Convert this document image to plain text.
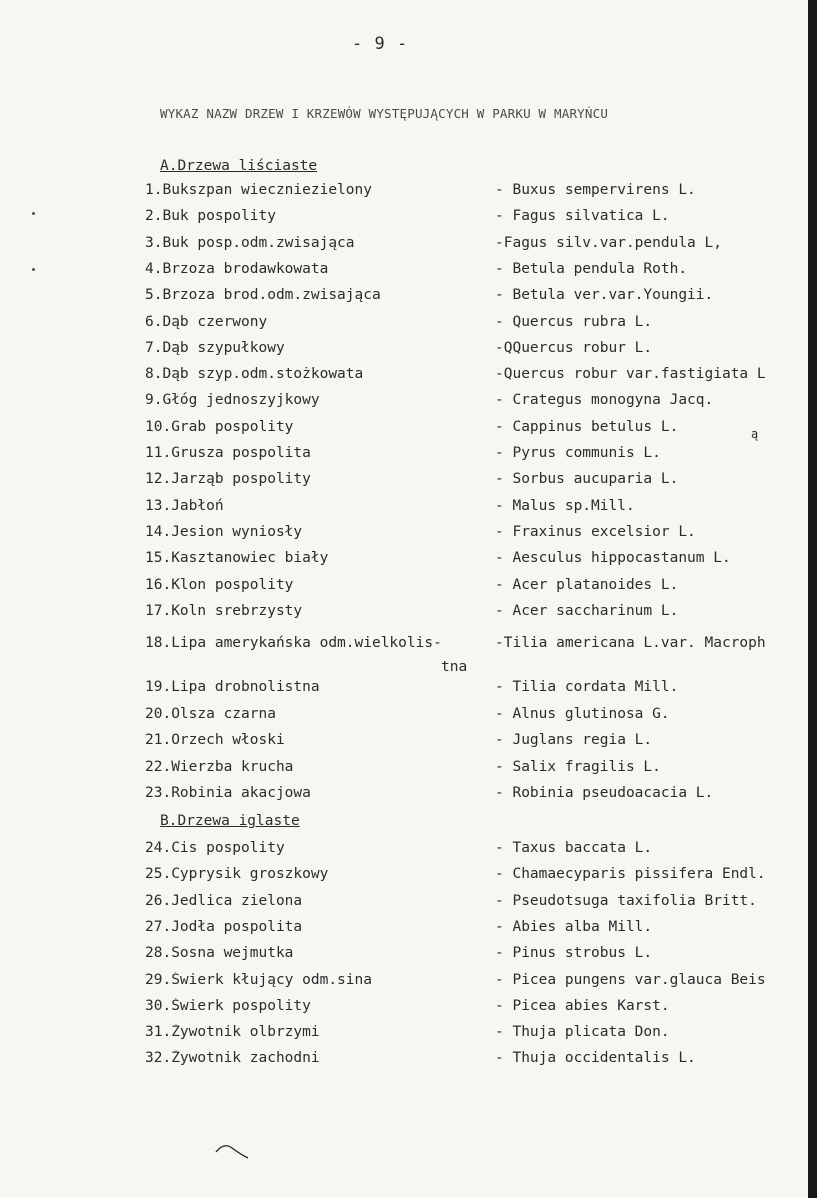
- 9 -
WYKAZ NAZW DRZEW I KRZEWÓW WYSTĘPUJĄCYCH W PARKU W MARYŃCU
A.Drzewa liściaste
1.Bukszpan wieczniezielony	- Buxus sempervirens L.
2.Buk pospolity	- Fagus silvatica L.
3.Buk posp.odm.zwisająca	-Fagus silv.var.pendula L,
4.Brzoza brodawkowata	- Betula pendula Roth.
5.Brzoza brod.odm.zwisająca	- Betula ver.var.Youngii.
6.Dąb czerwony	- Quercus rubra L.
7.Dąb szypułkowy	-QQuercus robur L.
8.Dąb szyp.odm.stożkowata	-Quercus robur var.fastigiata L
9.Głóg jednoszyjkowy	- Crategus monogyna Jacq.
10.Grab pospolity	- Cappinus betulus L.
11.Grusza pospolita	- Pyrus communis L.
12.Jarząb pospolity	- Sorbus aucuparia L.
13.Jabłoń	- Malus sp.Mill.
14.Jesion wyniosły	- Fraxinus excelsior L.
15.Kasztanowiec biały	- Aesculus hippocastanum L.
16.Klon pospolity	- Acer platanoides L.
17.Koln srebrzysty	- Acer saccharinum L.
18.Lipa amerykańska odm.wielkolis-	-Tilia americana L.var. Macroph
19.Lipa drobnolistna	- Tilia cordata Mill.
20.Olsza czarna	- Alnus glutinosa G.
21.Orzech włoski	- Juglans regia L.
22.Wierzba krucha	- Salix fragilis L.
23.Robinia akacjowa	- Robinia pseudoacacia L.
B.Drzewa iglaste
24.Cis pospolity	- Taxus baccata L.
25.Cyprysik groszkowy	- Chamaecyparis pissifera Endl.
26.Jedlica zielona	- Pseudotsuga taxifolia Britt.
27.Jodła pospolita	- Abies alba Mill.
28.Sosna wejmutka	- Pinus strobus L.
29.Świerk kłujący odm.sina	- Picea pungens var.glauca Beis
30.Świerk pospolity	- Picea abies Karst.
31.Żywotnik olbrzymi	- Thuja plicata Don.
32.Żywotnik zachodni	- Thuja occidentalis L.
tna
ą
